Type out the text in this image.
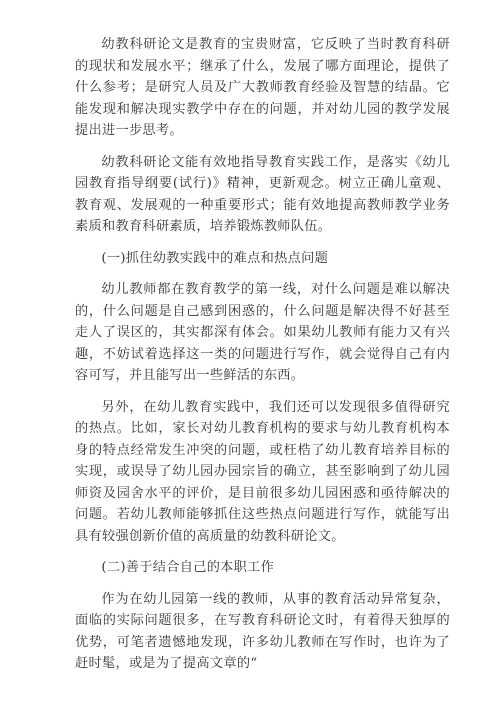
幼教科研论文是教育的宝贵财富，它反映了当时教育科研的现状和发展水平；继承了什么，发展了哪方面理论，提供了什么参考；是研究人员及广大教师教育经验及智慧的结晶。它能发现和解决现实教学中存在的问题，并对幼儿园的教学发展提出进一步思考。

幼教科研论文能有效地指导教育实践工作，是落实《幼儿园教育指导纲要(试行)》精神，更新观念。树立正确儿童观、教育观、发展观的一种重要形式；能有效地提高教师教学业务素质和教育科研素质，培养锻炼教师队伍。

(一)抓住幼教实践中的难点和热点问题

幼儿教师都在教育教学的第一线，对什么问题是难以解决的，什么问题是自己感到困惑的，什么问题是解决得不好甚至走人了误区的，其实都深有体会。如果幼儿教师有能力又有兴趣，不妨试着选择这一类的问题进行写作，就会觉得自己有内容可写，并且能写出一些鲜活的东西。

另外，在幼儿教育实践中，我们还可以发现很多值得研究的热点。比如，家长对幼儿教育机构的要求与幼儿教育机构本身的特点经常发生冲突的问题，或枉梏了幼儿教育培养目标的实现，或误导了幼儿园办园宗旨的确立，甚至影响到了幼儿园师资及园舍水平的评价，是目前很多幼儿园困惑和亟待解决的问题。若幼儿教师能够抓住这些热点问题进行写作，就能写出具有较强创新价值的高质量的幼教科研论文。

(二)善于结合自己的本职工作

作为在幼儿园第一线的教师，从事的教育活动异常复杂，面临的实际问题很多，在写教育科研论文时，有着得天独厚的优势，可笔者遗憾地发现，许多幼儿教师在写作时，也许为了赶时髦，或是为了提高文章的“
